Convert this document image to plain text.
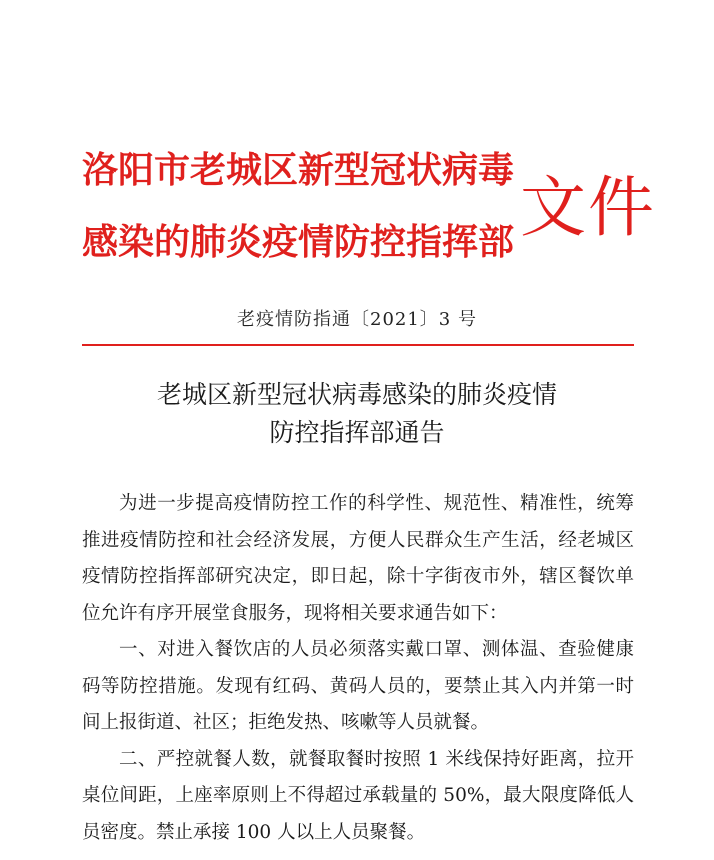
洛阳市老城区新型冠状病毒
感染的肺炎疫情防控指挥部 文件
老疫情防指通〔2021〕3 号
老城区新型冠状病毒感染的肺炎疫情
防控指挥部通告

为进一步提高疫情防控工作的科学性、规范性、精准性，统筹推进疫情防控和社会经济发展，方便人民群众生产生活，经老城区疫情防控指挥部研究决定，即日起，除十字街夜市外，辖区餐饮单位允许有序开展堂食服务，现将相关要求通告如下：

一、对进入餐饮店的人员必须落实戴口罩、测体温、查验健康码等防控措施。发现有红码、黄码人员的，要禁止其入内并第一时间上报街道、社区；拒绝发热、咳嗽等人员就餐。

二、严控就餐人数，就餐取餐时按照 1 米线保持好距离，拉开桌位间距，上座率原则上不得超过承载量的 50%，最大限度降低人员密度。禁止承接 100 人以上人员聚餐。
